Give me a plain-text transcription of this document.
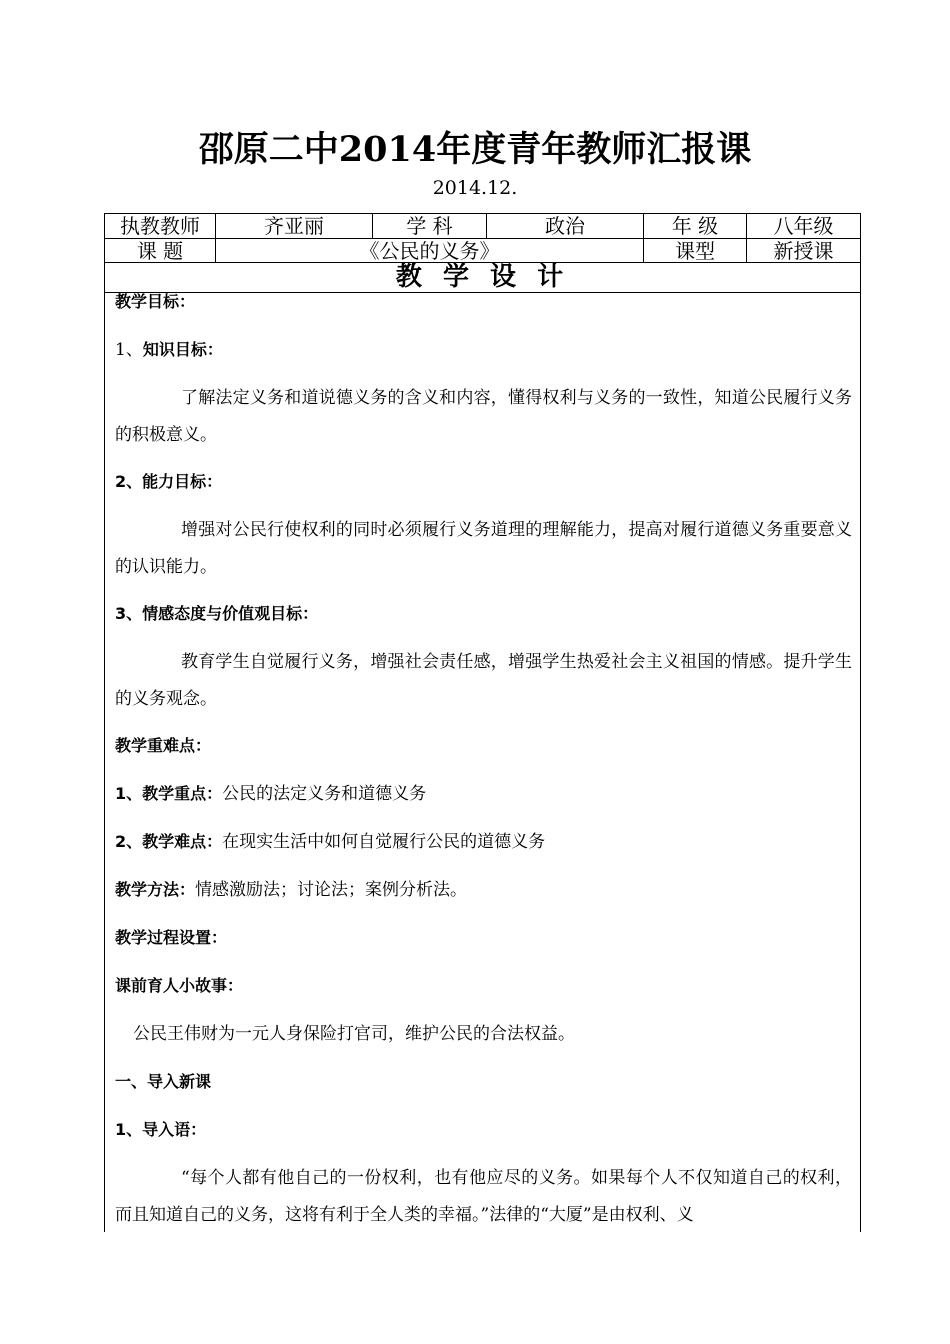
邵原二中2014年度青年教师汇报课
2014.12.
执教教师	齐亚丽	学 科	政治	年 级	八年级
课 题	《公民的义务》	课型	新授课
教 学 设 计
教学目标：
1、知识目标：
了解法定义务和道说德义务的含义和内容，懂得权利与义务的一致性，知道公民履行义务的积极意义。
2、能力目标：
增强对公民行使权利的同时必须履行义务道理的理解能力，提高对履行道德义务重要意义的认识能力。
3、情感态度与价值观目标：
教育学生自觉履行义务，增强社会责任感，增强学生热爱社会主义祖国的情感。提升学生的义务观念。
教学重难点：
1、教学重点：公民的法定义务和道德义务
2、教学难点：在现实生活中如何自觉履行公民的道德义务
教学方法：情感激励法；讨论法；案例分析法。
教学过程设置：
课前育人小故事：
公民王伟财为一元人身保险打官司，维护公民的合法权益。
一、导入新课
1、导入语：
“每个人都有他自己的一份权利，也有他应尽的义务。如果每个人不仅知道自己的权利，而且知道自己的义务，这将有利于全人类的幸福。”法律的“大厦”是由权利、义
